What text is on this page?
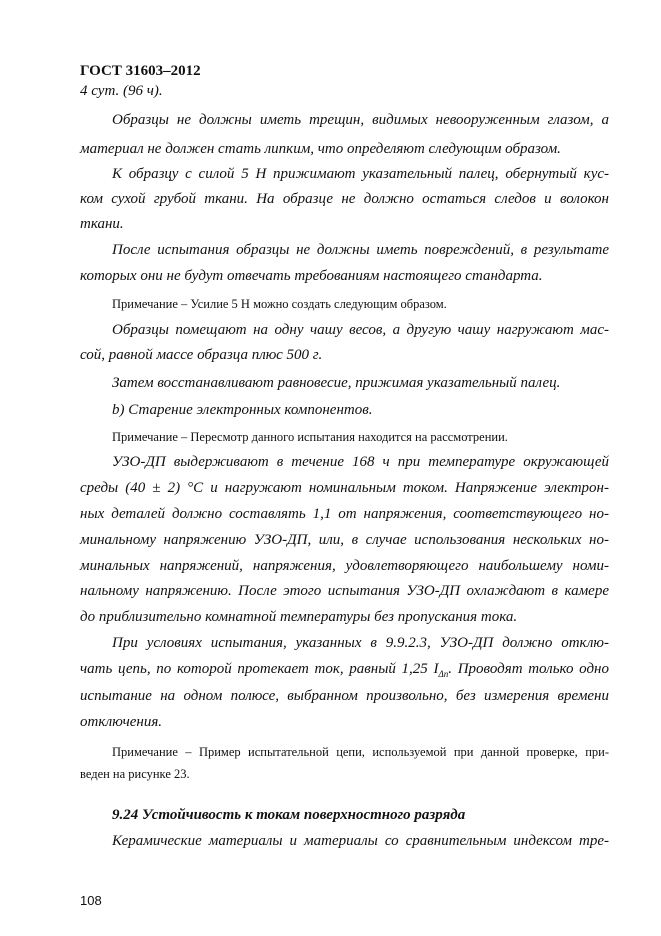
ГОСТ 31603–2012
4 сут. (96 ч).
Образцы не должны иметь трещин, видимых невооруженным глазом, а
материал не должен стать липким, что определяют следующим образом.
К образцу с силой 5 Н прижимают указательный палец, обернутый кус-
ком сухой грубой ткани. На образце не должно остаться следов и волокон
ткани.
После испытания образцы не должны иметь повреждений, в результате
которых они не будут отвечать требованиям настоящего стандарта.
Примечание – Усилие 5 Н можно создать следующим образом.
Образцы помещают на одну чашу весов, а другую чашу нагружают мас-
сой, равной массе образца плюс 500 г.
Затем восстанавливают равновесие, прижимая указательный палец.
b) Старение электронных компонентов.
Примечание – Пересмотр данного испытания находится на рассмотрении.
УЗО-ДП выдерживают в течение 168 ч при температуре окружающей
среды (40 ± 2) °С и нагружают номинальным током. Напряжение электрон-
ных деталей должно составлять 1,1 от напряжения, соответствующего но-
минальному напряжению УЗО-ДП, или, в случае использования нескольких но-
минальных напряжений, напряжения, удовлетворяющего наибольшему номи-
нальному напряжению. После этого испытания УЗО-ДП охлаждают в камере
до приблизительно комнатной температуры без пропускания тока.
При условиях испытания, указанных в 9.9.2.3, УЗО-ДП должно отклю-
чать цепь, по которой протекает ток, равный 1,25 $I_{\Delta n}$. Проводят только одно
испытание на одном полюсе, выбранном произвольно, без измерения времени
отключения.
Примечание – Пример испытательной цепи, используемой при данной проверке, при-
веден на рисунке 23.
9.24 Устойчивость к токам поверхностного разряда
Керамические материалы и материалы со сравнительным индексом тре-
108
